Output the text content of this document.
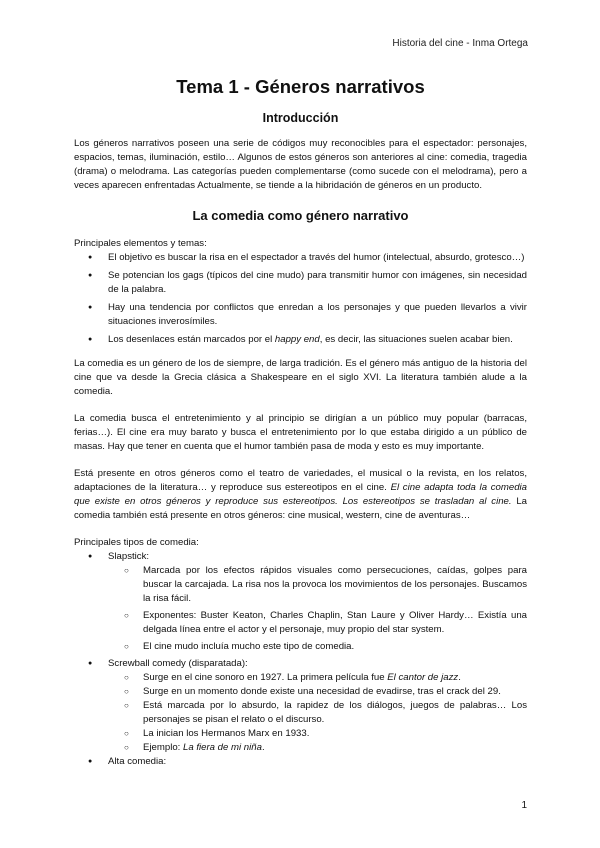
Historia del cine - Inma Ortega
Tema 1 - Géneros narrativos
Introducción

Los géneros narrativos poseen una serie de códigos muy reconocibles para el espectador: personajes, espacios, temas, iluminación, estilo… Algunos de estos géneros son anteriores al cine: comedia, tragedia (drama) o melodrama. Las categorías pueden complementarse (como sucede con el melodrama), pero a veces aparecen enfrentadas Actualmente, se tiende a la hibridación de géneros en un producto.

La comedia como género narrativo

Principales elementos y temas:

● El objetivo es buscar la risa en el espectador a través del humor (intelectual, absurdo, grotesco…)
● Se potencian los gags (típicos del cine mudo) para transmitir humor con imágenes, sin necesidad de la palabra.
● Hay una tendencia por conflictos que enredan a los personajes y que pueden llevarlos a vivir situaciones inverosímiles.
● Los desenlaces están marcados por el happy end, es decir, las situaciones suelen acabar bien.

La comedia es un género de los de siempre, de larga tradición. Es el género más antiguo de la historia del cine que va desde la Grecia clásica a Shakespeare en el siglo XVI. La literatura también alude a la comedia.

La comedia busca el entretenimiento y al principio se dirigían a un público muy popular (barracas, ferias…). El cine era muy barato y busca el entretenimiento por lo que estaba dirigido a un público de masas. Hay que tener en cuenta que el humor también pasa de moda y esto es muy importante.

Está presente en otros géneros como el teatro de variedades, el musical o la revista, en los relatos, adaptaciones de la literatura… y reproduce sus estereotipos en el cine. El cine adapta toda la comedia que existe en otros géneros y reproduce sus estereotipos. Los estereotipos se trasladan al cine. La comedia también está presente en otros géneros: cine musical, western, cine de aventuras…

Principales tipos de comedia:

● Slapstick:
○ Marcada por los efectos rápidos visuales como persecuciones, caídas, golpes para buscar la carcajada. La risa nos la provoca los movimientos de los personajes. Buscamos la risa fácil.
○ Exponentes: Buster Keaton, Charles Chaplin, Stan Laure y Oliver Hardy… Existía una delgada línea entre el actor y el personaje, muy propio del star system.
○ El cine mudo incluía mucho este tipo de comedia.
● Screwball comedy (disparatada):
○ Surge en el cine sonoro en 1927. La primera película fue El cantor de jazz.
○ Surge en un momento donde existe una necesidad de evadirse, tras el crack del 29.
○ Está marcada por lo absurdo, la rapidez de los diálogos, juegos de palabras… Los personajes se pisan el relato o el discurso.
○ La inician los Hermanos Marx en 1933.
○ Ejemplo: La fiera de mi niña.
● Alta comedia:
1
